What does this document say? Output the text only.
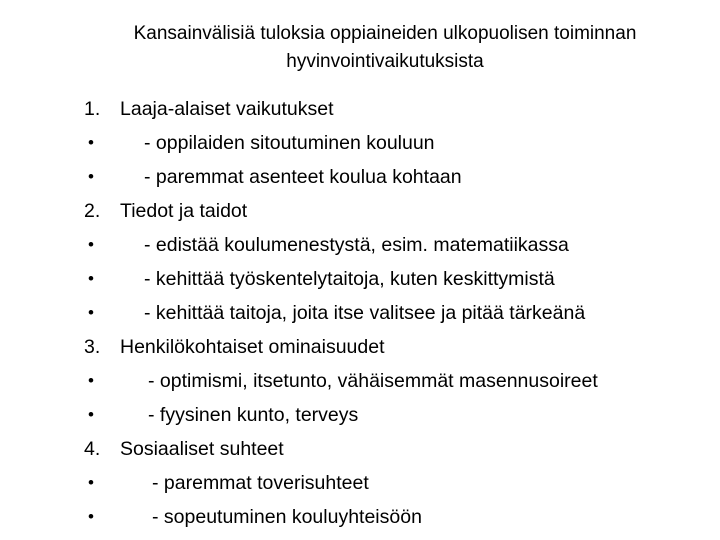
Kansainvälisiä tuloksia oppiaineiden ulkopuolisen toiminnan
hyvinvointivaikutuksista
1.	Laaja-alaiset vaikutukset
•	- oppilaiden sitoutuminen kouluun
•	- paremmat asenteet koulua kohtaan
2.	Tiedot ja taidot
•	- edistää koulumenestystä, esim. matematiikassa
•	- kehittää työskentelytaitoja, kuten keskittymistä
•	- kehittää taitoja, joita itse valitsee ja pitää tärkeänä
3.	Henkilökohtaiset ominaisuudet
•	- optimismi, itsetunto, vähäisemmät masennusoireet
•	- fyysinen kunto, terveys
4.	Sosiaaliset suhteet
•	- paremmat toverisuhteet
•	- sopeutuminen kouluyhteisöön
